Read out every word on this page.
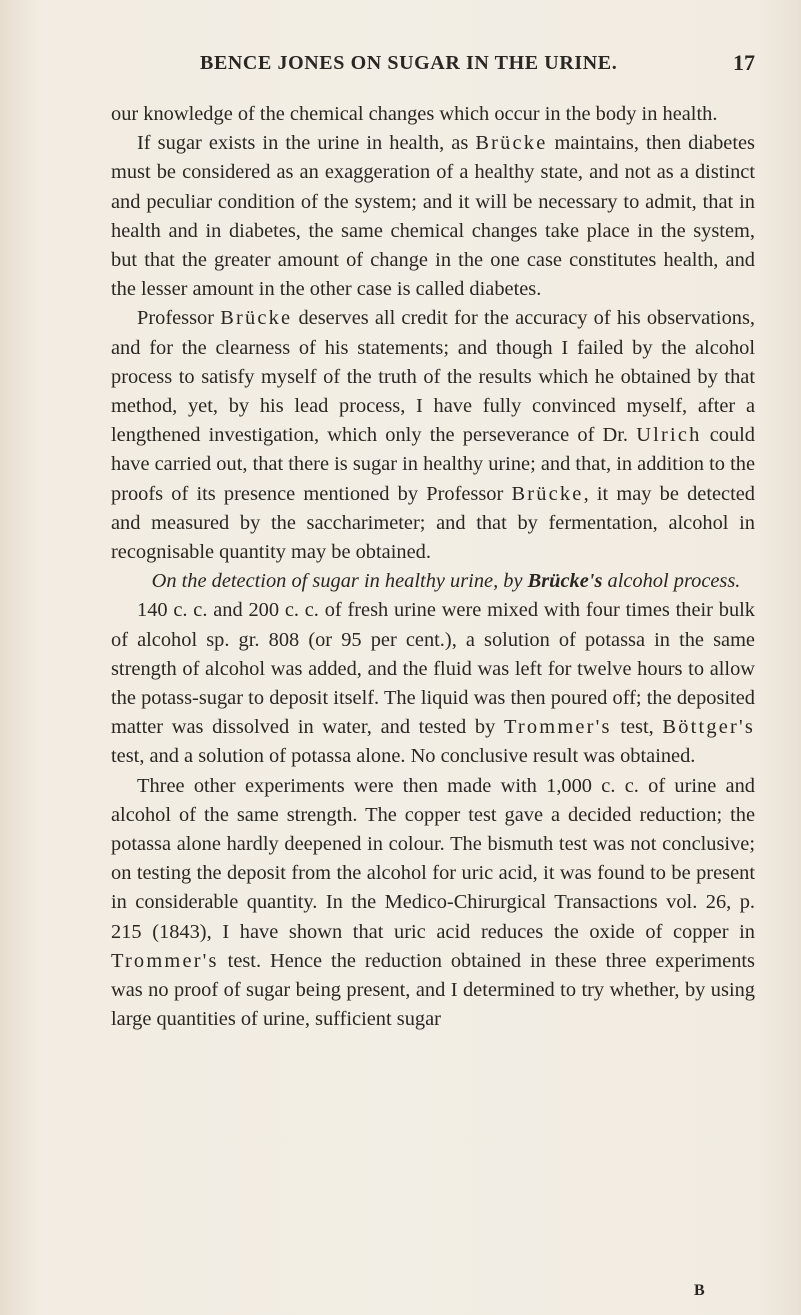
BENCE JONES ON SUGAR IN THE URINE.	17

our knowledge of the chemical changes which occur in the body in health.

If sugar exists in the urine in health, as Brücke maintains, then diabetes must be considered as an exaggeration of a healthy state, and not as a distinct and peculiar condition of the system; and it will be necessary to admit, that in health and in diabetes, the same chemical changes take place in the system, but that the greater amount of change in the one case constitutes health, and the lesser amount in the other case is called diabetes.

Professor Brücke deserves all credit for the accuracy of his observations, and for the clearness of his statements; and though I failed by the alcohol process to satisfy myself of the truth of the results which he obtained by that method, yet, by his lead process, I have fully convinced myself, after a lengthened investigation, which only the perseverance of Dr. Ulrich could have carried out, that there is sugar in healthy urine; and that, in addition to the proofs of its presence mentioned by Professor Brücke, it may be detected and measured by the saccharimeter; and that by fermentation, alcohol in recognisable quantity may be obtained.

On the detection of sugar in healthy urine, by Brücke's alcohol process.

140 c. c. and 200 c. c. of fresh urine were mixed with four times their bulk of alcohol sp. gr. 808 (or 95 per cent.), a solution of potassa in the same strength of alcohol was added, and the fluid was left for twelve hours to allow the potass-sugar to deposit itself. The liquid was then poured off; the deposited matter was dissolved in water, and tested by Trommer's test, Böttger's test, and a solution of potassa alone. No conclusive result was obtained.

Three other experiments were then made with 1,000 c. c. of urine and alcohol of the same strength. The copper test gave a decided reduction; the potassa alone hardly deepened in colour. The bismuth test was not conclusive; on testing the deposit from the alcohol for uric acid, it was found to be present in considerable quantity. In the Medico-Chirurgical Transactions vol. 26, p. 215 (1843), I have shown that uric acid reduces the oxide of copper in Trommer's test. Hence the reduction obtained in these three experiments was no proof of sugar being present, and I determined to try whether, by using large quantities of urine, sufficient sugar

B
